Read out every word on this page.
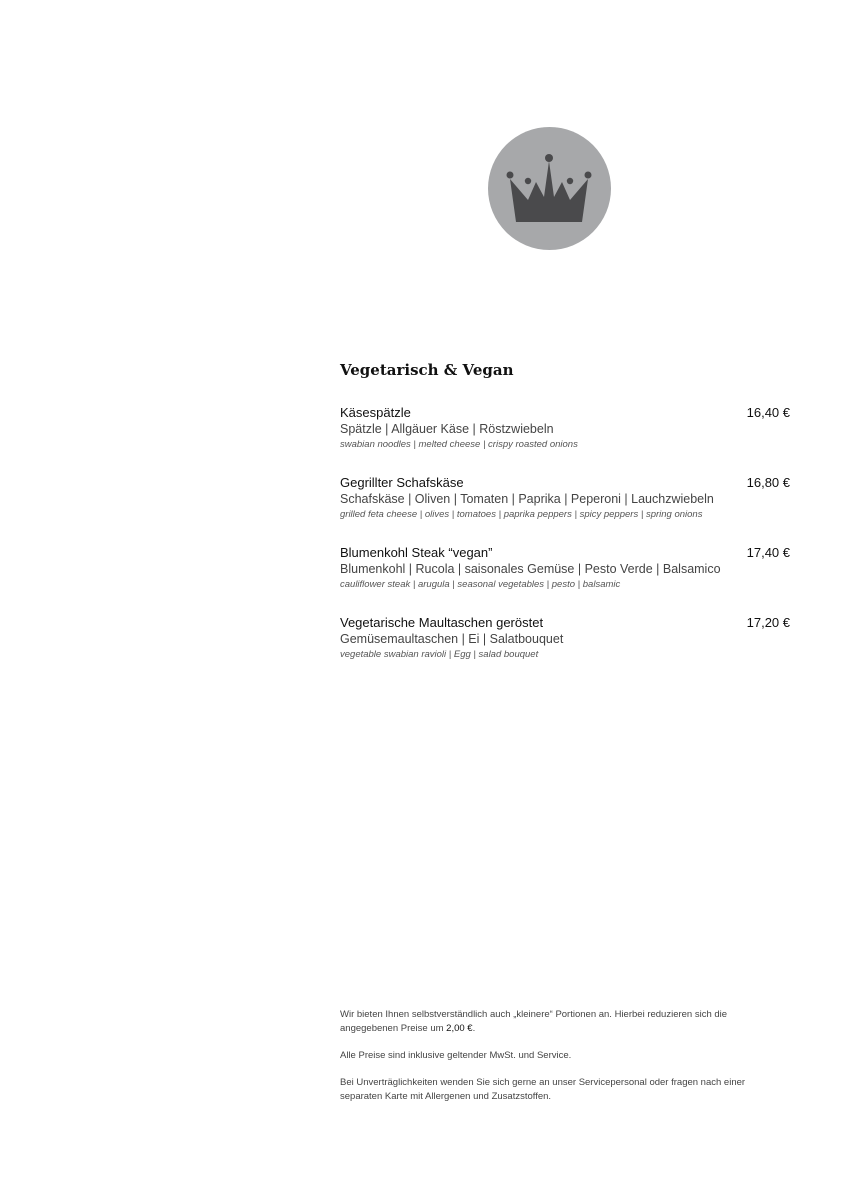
Vegetarisch & Vegan
Käsespätzle	16,40 €
Spätzle | Allgäuer Käse | Röstzwiebeln
swabian noodles | melted cheese | crispy roasted onions
Gegrillter Schafskäse	16,80 €
Schafskäse | Oliven | Tomaten | Paprika | Peperoni | Lauchzwiebeln
grilled feta cheese | olives | tomatoes | paprika peppers | spicy peppers | spring onions
Blumenkohl Steak “vegan”	17,40 €
Blumenkohl | Rucola | saisonales Gemüse | Pesto Verde | Balsamico
cauliflower steak | arugula | seasonal vegetables | pesto | balsamic
Vegetarische Maultaschen geröstet	17,20 €
Gemüsemaultaschen | Ei | Salatbouquet
vegetable swabian ravioli | Egg | salad bouquet

Wir bieten Ihnen selbstverständlich auch „kleinere“ Portionen an. Hierbei reduzieren sich die angegebenen Preise um 2,00 €.

Alle Preise sind inklusive geltender MwSt. und Service.

Bei Unverträglichkeiten wenden Sie sich gerne an unser Servicepersonal oder fragen nach einer separaten Karte mit Allergenen und Zusatzstoffen.
